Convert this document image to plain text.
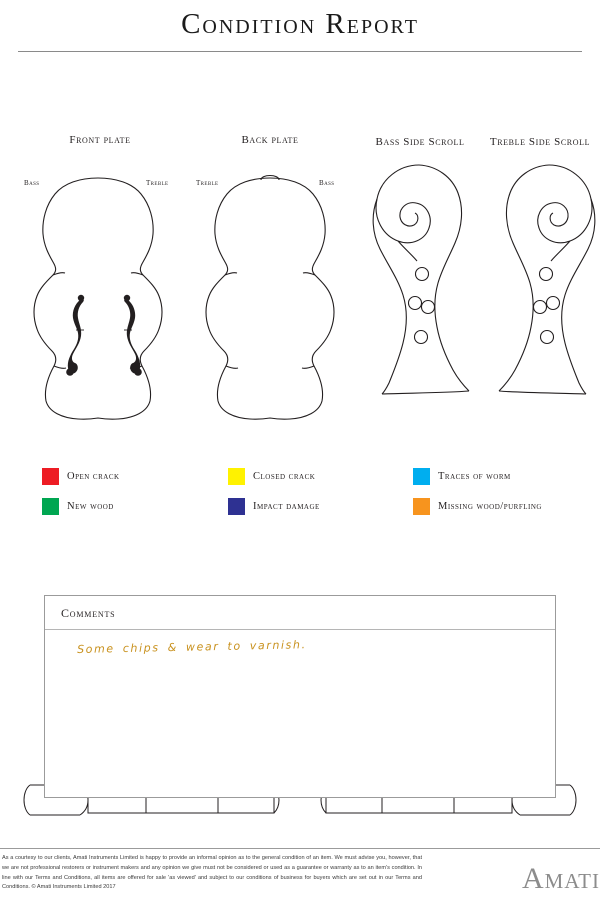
Condition Report
Front plate	Back plate	Bass Side Scroll	Treble Side Scroll
Bass	Treble	Treble	Bass
Open crack	Closed crack	Traces of worm
New wood	Impact damage	Missing wood/purfling
Comments
Some chips & wear to varnish.
As a courtesy to our clients, Amati Instruments Limited is happy to provide an informal opinion as to the general condition of an item. We must advise you, however, that we are not professional restorers or instrument makers and any opinion we give must not be considered or used as a guarantee or warranty as to an item's condition. In line with our Terms and Conditions, all items are offered for sale 'as viewed' and subject to our conditions of business for buyers which are set out in our Terms and Conditions. © Amati Instruments Limited 2017	Amati
